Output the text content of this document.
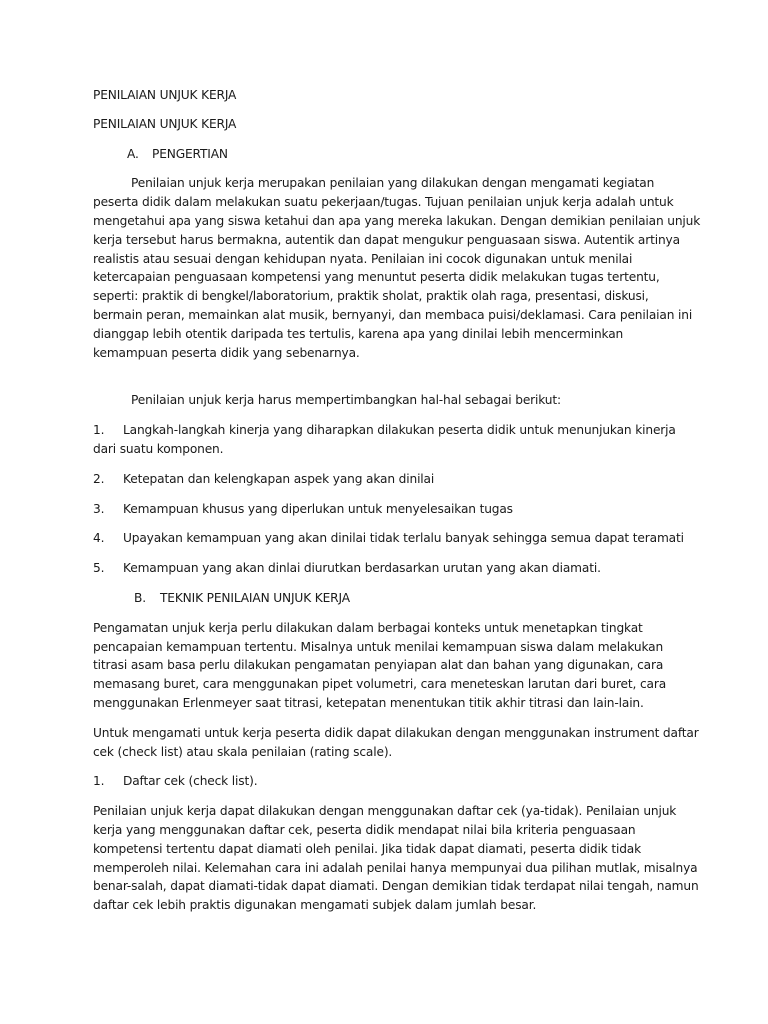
PENILAIAN UNJUK KERJA
PENILAIAN UNJUK KERJA
A. PENGERTIAN
Penilaian unjuk kerja merupakan penilaian yang dilakukan dengan mengamati kegiatan
peserta didik dalam melakukan suatu pekerjaan/tugas. Tujuan penilaian unjuk kerja adalah untuk
mengetahui apa yang siswa ketahui dan apa yang mereka lakukan. Dengan demikian penilaian unjuk
kerja tersebut harus bermakna, autentik dan dapat mengukur penguasaan siswa. Autentik artinya
realistis atau sesuai dengan kehidupan nyata. Penilaian ini cocok digunakan untuk menilai
ketercapaian penguasaan kompetensi yang menuntut peserta didik melakukan tugas tertentu,
seperti: praktik di bengkel/laboratorium, praktik sholat, praktik olah raga, presentasi, diskusi,
bermain peran, memainkan alat musik, bernyanyi, dan membaca puisi/deklamasi. Cara penilaian ini
dianggap lebih otentik daripada tes tertulis, karena apa yang dinilai lebih mencerminkan
kemampuan peserta didik yang sebenarnya.
Penilaian unjuk kerja harus mempertimbangkan hal-hal sebagai berikut:
1. Langkah-langkah kinerja yang diharapkan dilakukan peserta didik untuk menunjukan kinerja
dari suatu komponen.
2. Ketepatan dan kelengkapan aspek yang akan dinilai
3. Kemampuan khusus yang diperlukan untuk menyelesaikan tugas
4. Upayakan kemampuan yang akan dinilai tidak terlalu banyak sehingga semua dapat teramati
5. Kemampuan yang akan dinlai diurutkan berdasarkan urutan yang akan diamati.
B. TEKNIK PENILAIAN UNJUK KERJA
Pengamatan unjuk kerja perlu dilakukan dalam berbagai konteks untuk menetapkan tingkat
pencapaian kemampuan tertentu. Misalnya untuk menilai kemampuan siswa dalam melakukan
titrasi asam basa perlu dilakukan pengamatan penyiapan alat dan bahan yang digunakan, cara
memasang buret, cara menggunakan pipet volumetri, cara meneteskan larutan dari buret, cara
menggunakan Erlenmeyer saat titrasi, ketepatan menentukan titik akhir titrasi dan lain-lain.
Untuk mengamati untuk kerja peserta didik dapat dilakukan dengan menggunakan instrument daftar
cek (check list) atau skala penilaian (rating scale).
1. Daftar cek (check list).
Penilaian unjuk kerja dapat dilakukan dengan menggunakan daftar cek (ya-tidak). Penilaian unjuk
kerja yang menggunakan daftar cek, peserta didik mendapat nilai bila kriteria penguasaan
kompetensi tertentu dapat diamati oleh penilai. Jika tidak dapat diamati, peserta didik tidak
memperoleh nilai. Kelemahan cara ini adalah penilai hanya mempunyai dua pilihan mutlak, misalnya
benar-salah, dapat diamati-tidak dapat diamati. Dengan demikian tidak terdapat nilai tengah, namun
daftar cek lebih praktis digunakan mengamati subjek dalam jumlah besar.
